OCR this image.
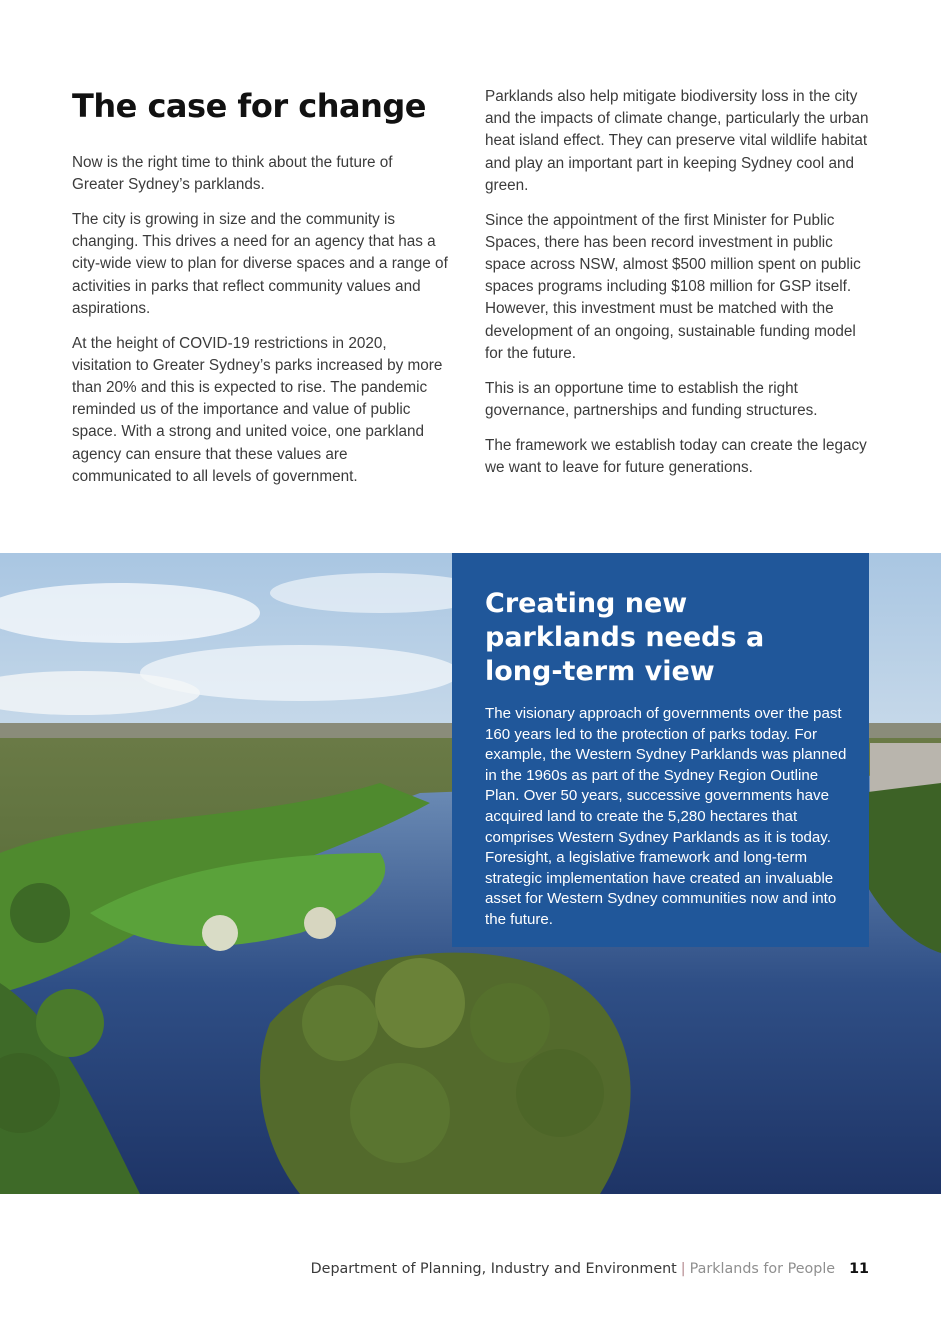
The case for change

Now is the right time to think about the future of Greater Sydney’s parklands.

The city is growing in size and the community is changing. This drives a need for an agency that has a city-wide view to plan for diverse spaces and a range of activities in parks that reflect community values and aspirations.

At the height of COVID-19 restrictions in 2020, visitation to Greater Sydney’s parks increased by more than 20% and this is expected to rise. The pandemic reminded us of the importance and value of public space. With a strong and united voice, one parkland agency can ensure that these values are communicated to all levels of government.

Parklands also help mitigate biodiversity loss in the city and the impacts of climate change, particularly the urban heat island effect. They can preserve vital wildlife habitat and play an important part in keeping Sydney cool and green.

Since the appointment of the first Minister for Public Spaces, there has been record investment in public space across NSW, almost $500 million spent on public spaces programs including $108 million for GSP itself. However, this investment must be matched with the development of an ongoing, sustainable funding model for the future.

This is an opportune time to establish the right governance, partnerships and funding structures.

The framework we establish today can create the legacy we want to leave for future generations.

Creating new parklands needs a long-term view

The visionary approach of governments over the past 160 years led to the protection of parks today. For example, the Western Sydney Parklands was planned in the 1960s as part of the Sydney Region Outline Plan. Over 50 years, successive governments have acquired land to create the 5,280 hectares that comprises Western Sydney Parklands as it is today. Foresight, a legislative framework and long-term strategic implementation have created an invaluable asset for Western Sydney communities now and into the future.

Department of Planning, Industry and Environment | Parklands for People 11
